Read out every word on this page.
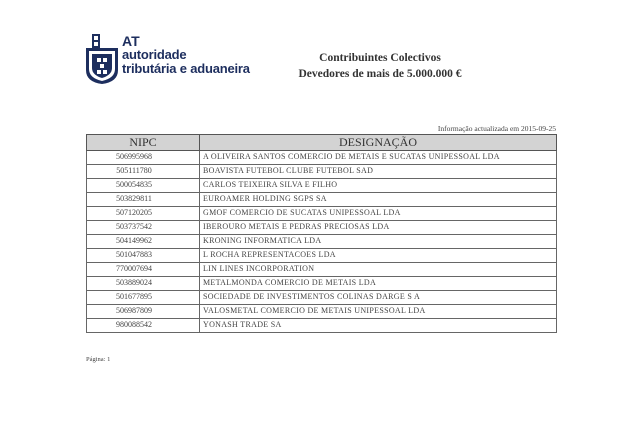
AT
autoridade
tributária e aduaneira
Contribuintes Colectivos
Devedores de mais de 5.000.000 €
Informação actualizada em 2015-09-25
NIPC	DESIGNAÇÃO
506995968	A OLIVEIRA SANTOS COMERCIO DE METAIS E SUCATAS UNIPESSOAL LDA
505111780	BOAVISTA FUTEBOL CLUBE FUTEBOL SAD
500054835	CARLOS TEIXEIRA SILVA E FILHO
503829811	EUROAMER HOLDING SGPS SA
507120205	GMOF COMERCIO DE SUCATAS UNIPESSOAL LDA
503737542	IBEROURO METAIS E PEDRAS PRECIOSAS LDA
504149962	KRONING INFORMATICA LDA
501047883	L ROCHA REPRESENTACOES LDA
770007694	LIN LINES INCORPORATION
503889024	METALMONDA COMERCIO DE METAIS LDA
501677895	SOCIEDADE DE INVESTIMENTOS COLINAS DARGE S A
506987809	VALOSMETAL COMERCIO DE METAIS UNIPESSOAL LDA
980088542	YONASH TRADE SA
Página: 1
